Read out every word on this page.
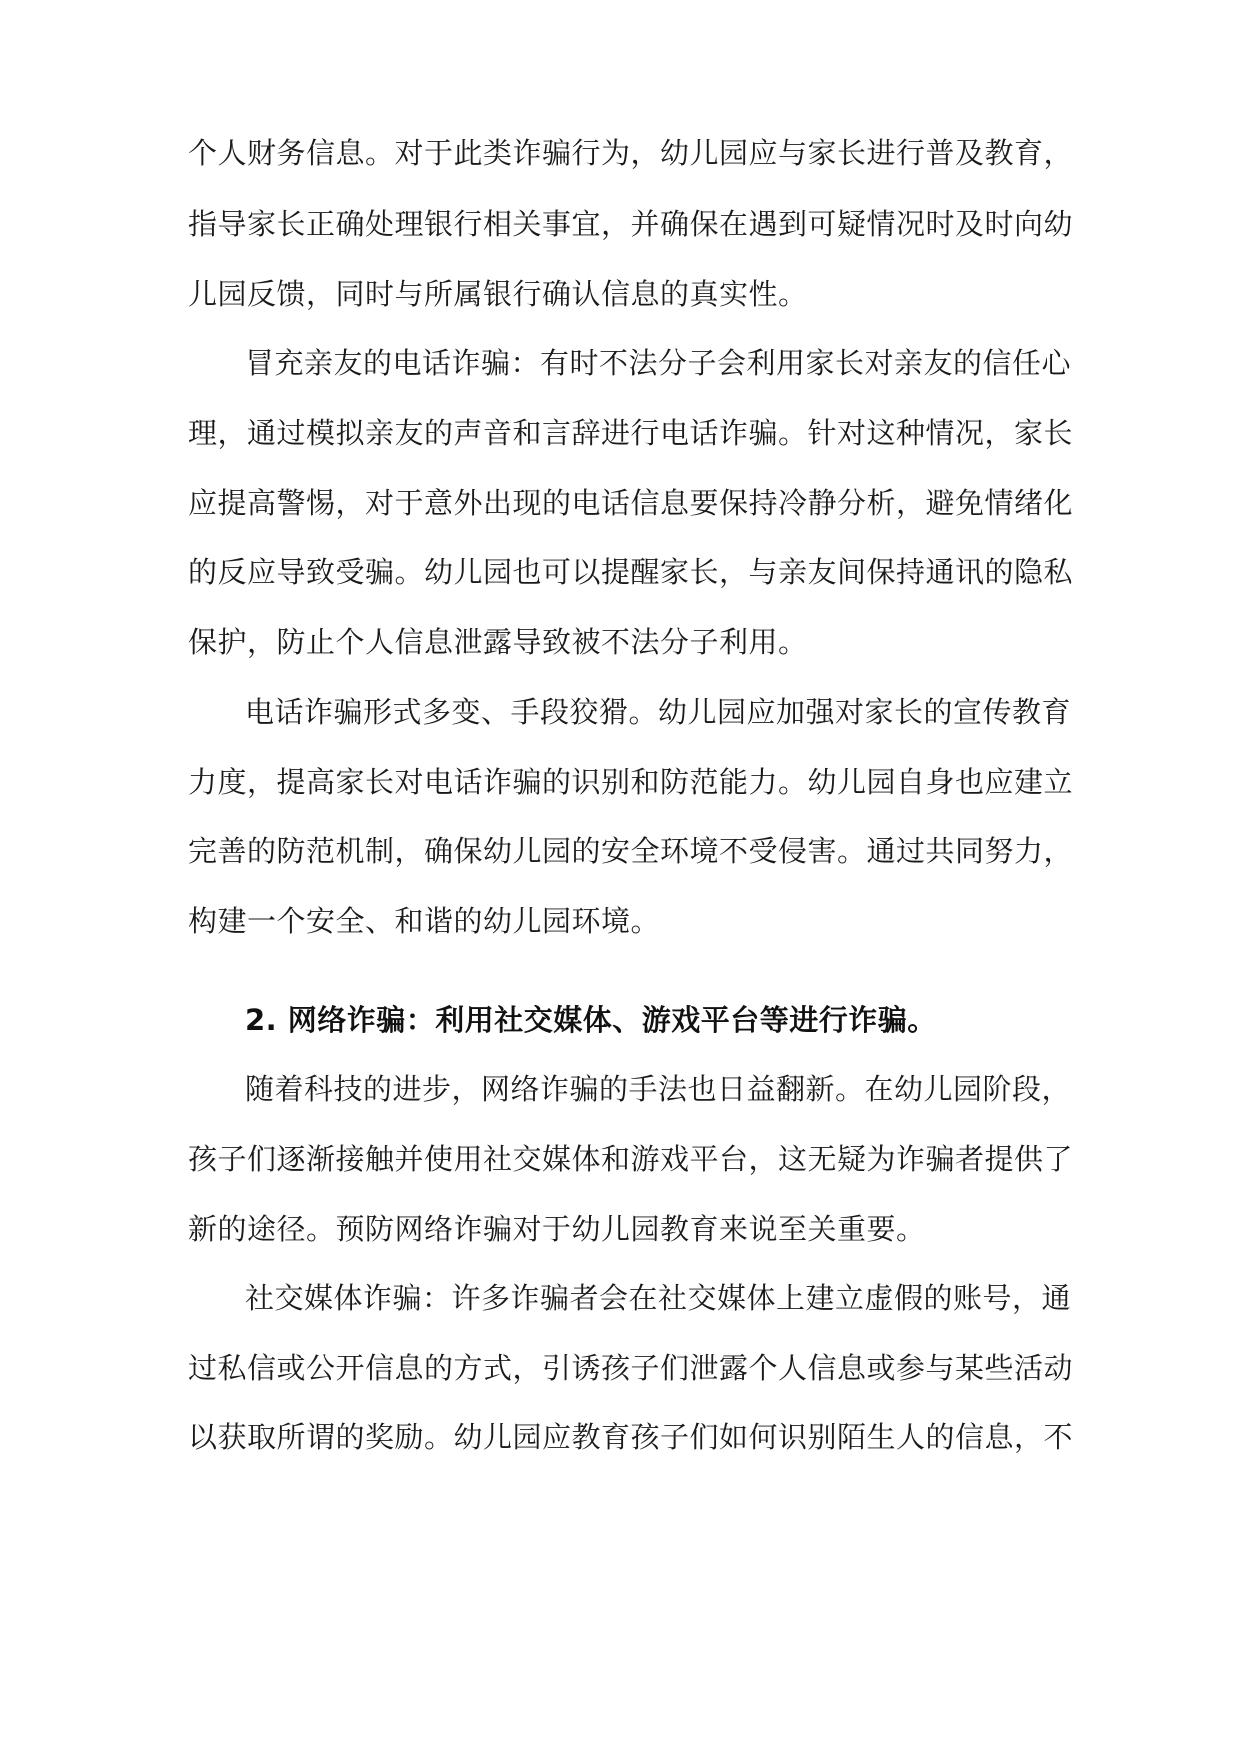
个人财务信息。对于此类诈骗行为，幼儿园应与家长进行普及教育，
指导家长正确处理银行相关事宜，并确保在遇到可疑情况时及时向幼
儿园反馈，同时与所属银行确认信息的真实性。
冒充亲友的电话诈骗：有时不法分子会利用家长对亲友的信任心
理，通过模拟亲友的声音和言辞进行电话诈骗。针对这种情况，家长
应提高警惕，对于意外出现的电话信息要保持冷静分析，避免情绪化
的反应导致受骗。幼儿园也可以提醒家长，与亲友间保持通讯的隐私
保护，防止个人信息泄露导致被不法分子利用。
电话诈骗形式多变、手段狡猾。幼儿园应加强对家长的宣传教育
力度，提高家长对电话诈骗的识别和防范能力。幼儿园自身也应建立
完善的防范机制，确保幼儿园的安全环境不受侵害。通过共同努力，
构建一个安全、和谐的幼儿园环境。
2. 网络诈骗：利用社交媒体、游戏平台等进行诈骗。
随着科技的进步，网络诈骗的手法也日益翻新。在幼儿园阶段，
孩子们逐渐接触并使用社交媒体和游戏平台，这无疑为诈骗者提供了
新的途径。预防网络诈骗对于幼儿园教育来说至关重要。
社交媒体诈骗：许多诈骗者会在社交媒体上建立虚假的账号，通
过私信或公开信息的方式，引诱孩子们泄露个人信息或参与某些活动
以获取所谓的奖励。幼儿园应教育孩子们如何识别陌生人的信息，不
